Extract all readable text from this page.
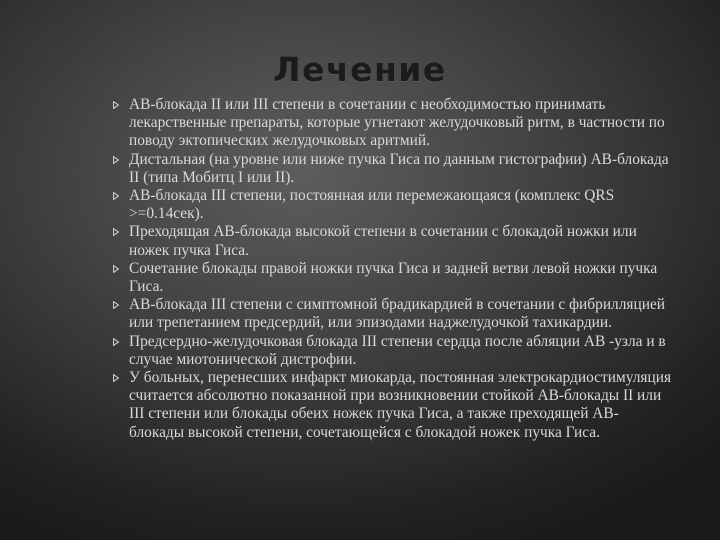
Лечение
АВ-блокада II или III степени в сочетании с необходимостью принимать лекарственные препараты, которые угнетают желудочковый ритм, в частности по поводу эктопических желудочковых аритмий.
Дистальная (на уровне или ниже пучка Гиса по данным гистографии) АВ-блокада II (типа Мобитц I или II).
АВ-блокада III степени, постоянная или перемежающаяся (комплекс QRS >=0.14сек).
Преходящая АВ-блокада высокой степени в сочетании с блокадой ножки или ножек пучка Гиса.
Сочетание блокады правой ножки пучка Гиса и задней ветви левой ножки пучка Гиса.
АВ-блокада III степени с симптомной брадикардией в сочетании с фибрилляцией или трепетанием предсердий, или эпизодами наджелудочкой тахикардии.
Предсердно-желудочковая блокада III степени сердца после абляции АВ -узла и в случае миотонической дистрофии.
У больных, перенесших инфаркт миокарда, постоянная электрокардиостимуляция считается абсолютно показанной при возникновении стойкой АВ-блокады II или III степени или блокады обеих ножек пучка Гиса, а также преходящей АВ-блокады высокой степени, сочетающейся с блокадой ножек пучка Гиса.
